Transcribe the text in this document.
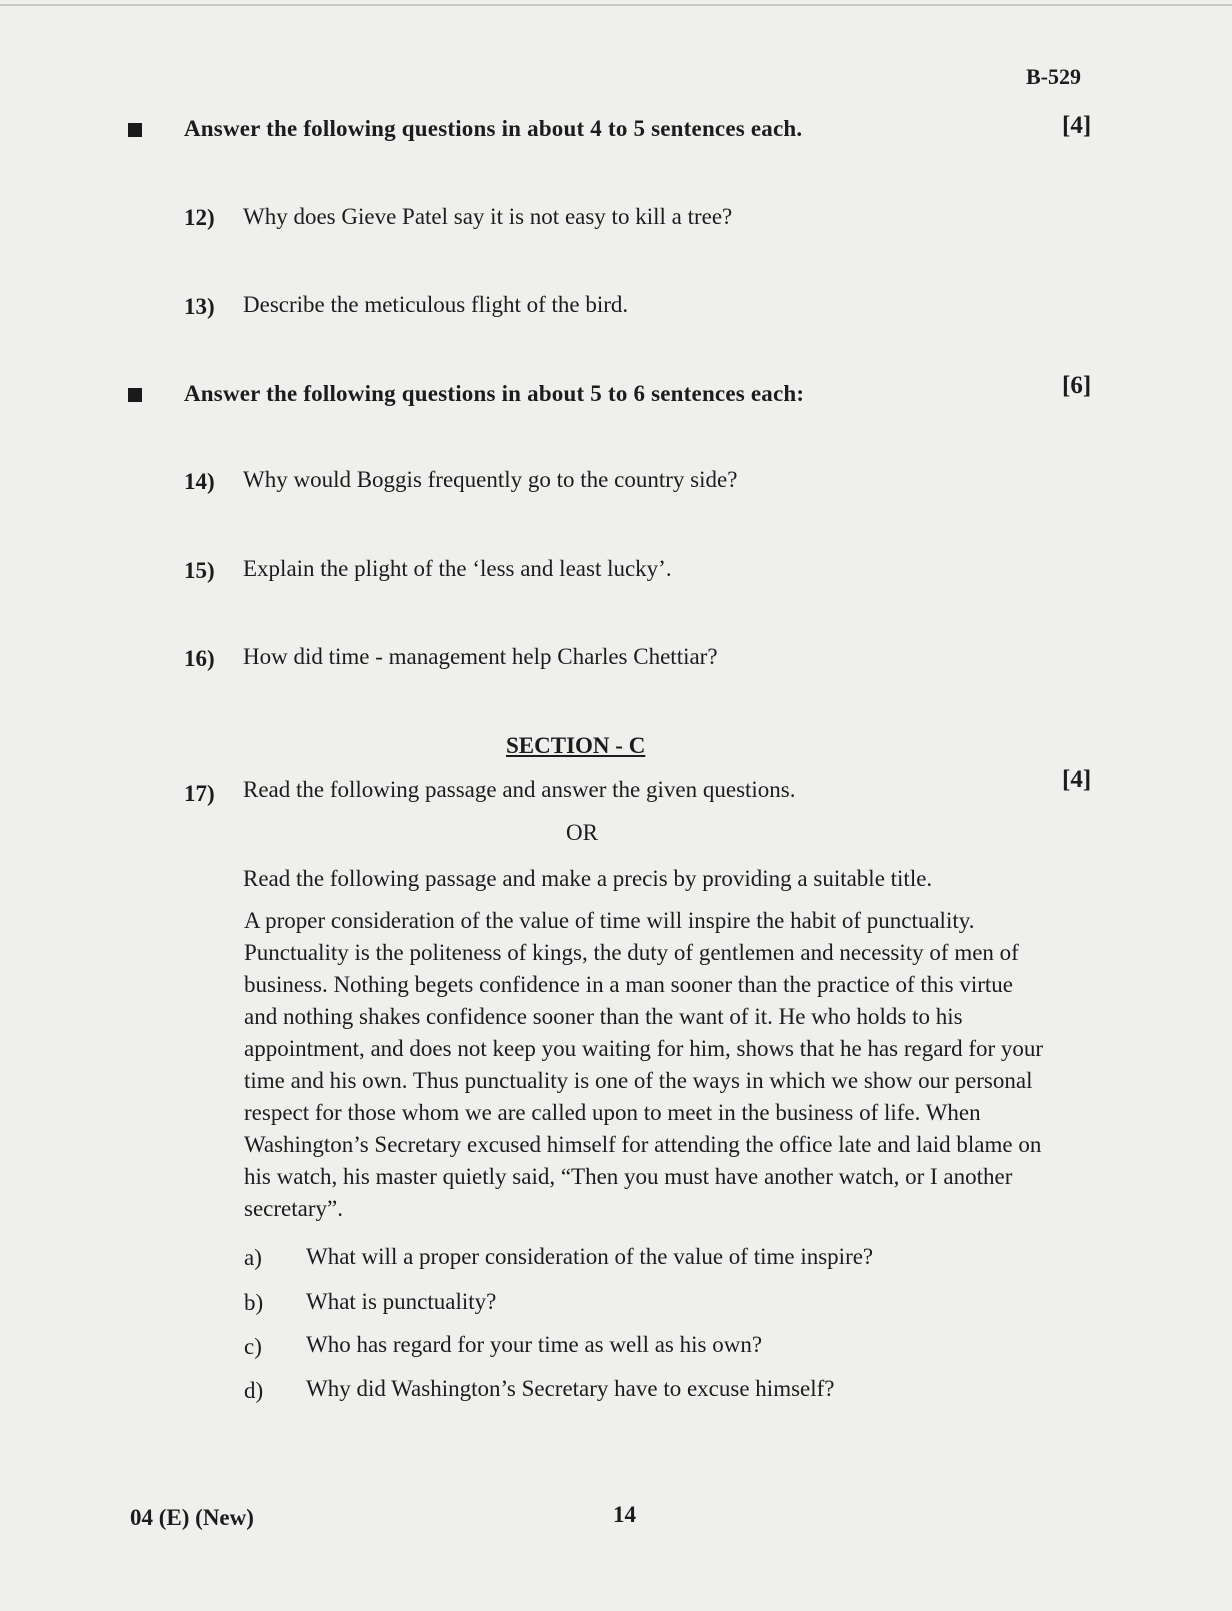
B-529
Answer the following questions in about 4 to 5 sentences each.	[4]
12) Why does Gieve Patel say it is not easy to kill a tree?
13) Describe the meticulous flight of the bird.
Answer the following questions in about 5 to 6 sentences each:	[6]
14) Why would Boggis frequently go to the country side?
15) Explain the plight of the ‘less and least lucky’.
16) How did time - management help Charles Chettiar?
SECTION - C
17) Read the following passage and answer the given questions.	[4]
OR
Read the following passage and make a precis by providing a suitable title.
A proper consideration of the value of time will inspire the habit of punctuality. Punctuality is the politeness of kings, the duty of gentlemen and necessity of men of business. Nothing begets confidence in a man sooner than the practice of this virtue and nothing shakes confidence sooner than the want of it. He who holds to his appointment, and does not keep you waiting for him, shows that he has regard for your time and his own. Thus punctuality is one of the ways in which we show our personal respect for those whom we are called upon to meet in the business of life. When Washington’s Secretary excused himself for attending the office late and laid blame on his watch, his master quietly said, “Then you must have another watch, or I another secretary”.
a) What will a proper consideration of the value of time inspire?
b) What is punctuality?
c) Who has regard for your time as well as his own?
d) Why did Washington’s Secretary have to excuse himself?
04 (E) (New)	14
